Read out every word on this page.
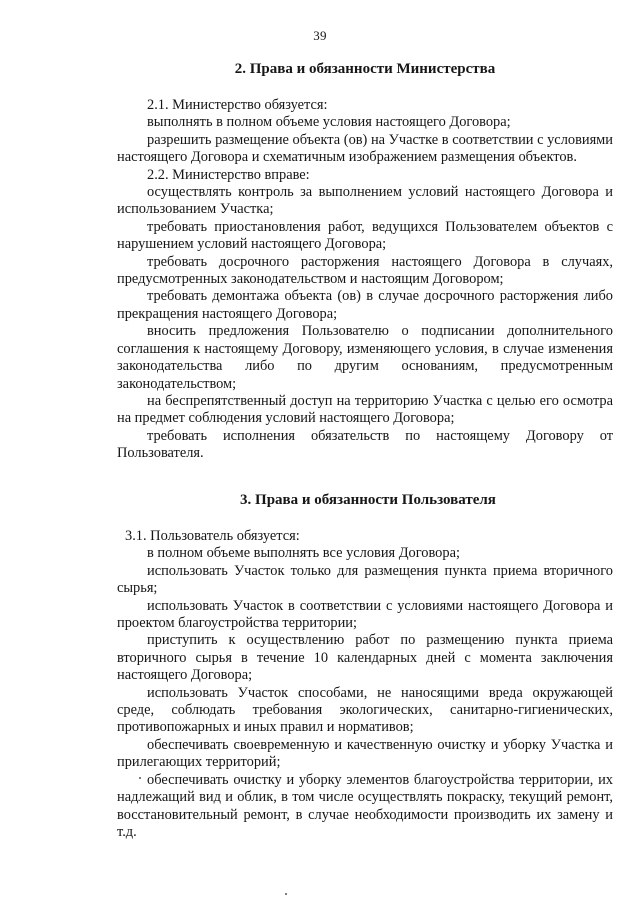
39
2. Права и обязанности Министерства

2.1. Министерство обязуется:

выполнять в полном объеме условия настоящего Договора;

разрешить размещение объекта (ов) на Участке в соответствии с условиями настоящего Договора и схематичным изображением размещения объектов.

2.2. Министерство вправе:

осуществлять контроль за выполнением условий настоящего Договора и использованием Участка;

требовать приостановления работ, ведущихся Пользователем объектов с нарушением условий настоящего Договора;

требовать досрочного расторжения настоящего Договора в случаях, предусмотренных законодательством и настоящим Договором;

требовать демонтажа объекта (ов) в случае досрочного расторжения либо прекращения настоящего Договора;

вносить предложения Пользователю о подписании дополнительного соглашения к настоящему Договору, изменяющего условия, в случае изменения законодательства либо по другим основаниям, предусмотренным законодательством;

на беспрепятственный доступ на территорию Участка с целью его осмотра на предмет соблюдения условий настоящего Договора;

требовать исполнения обязательств по настоящему Договору от Пользователя.

3. Права и обязанности Пользователя

3.1. Пользователь обязуется:

в полном объеме выполнять все условия Договора;

использовать Участок только для размещения пункта приема вторичного сырья;

использовать Участок в соответствии с условиями настоящего Договора и проектом благоустройства территории;

приступить к осуществлению работ по размещению пункта приема вторичного сырья в течение 10 календарных дней с момента заключения настоящего Договора;

использовать Участок способами, не наносящими вреда окружающей среде, соблюдать требования экологических, санитарно-гигиенических, противопожарных и иных правил и нормативов;

обеспечивать своевременную и качественную очистку и уборку Участка и прилегающих территорий;

обеспечивать очистку и уборку элементов благоустройства территории, их надлежащий вид и облик, в том числе осуществлять покраску, текущий ремонт, восстановительный ремонт, в случае необходимости производить их замену и т.д.
